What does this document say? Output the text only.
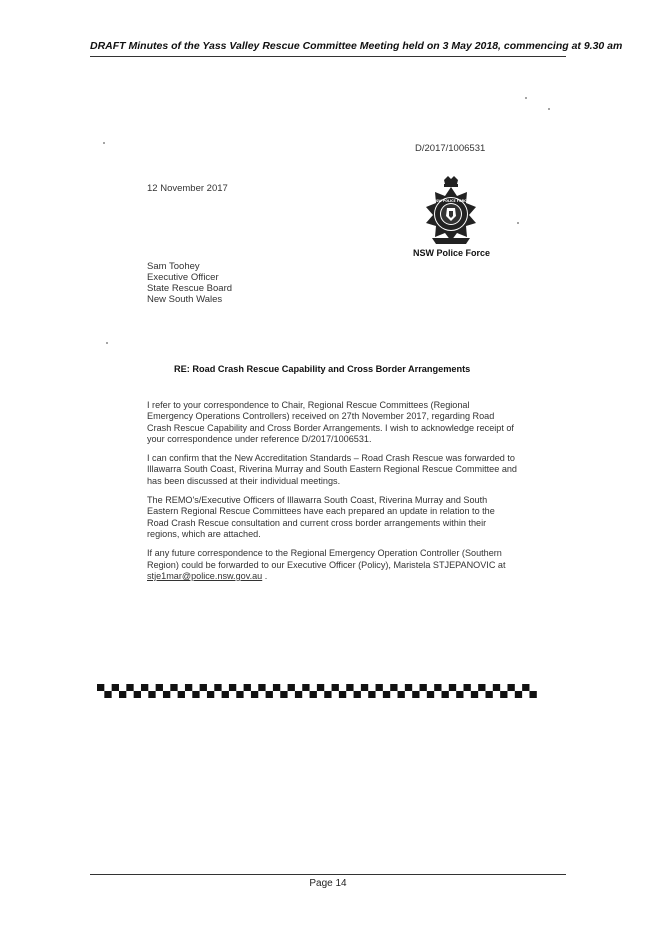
DRAFT Minutes of the Yass Valley Rescue Committee Meeting held on 3 May 2018, commencing at 9.30 am
D/2017/1006531
12 November 2017
NSW POLICE FORCE
NSW Police Force
Sam Toohey
Executive Officer
State Rescue Board
New South Wales
RE: Road Crash Rescue Capability and Cross Border Arrangements

I refer to your correspondence to Chair, Regional Rescue Committees (Regional Emergency Operations Controllers) received on 27th November 2017, regarding Road Crash Rescue Capability and Cross Border Arrangements. I wish to acknowledge receipt of your correspondence under reference D/2017/1006531.

I can confirm that the New Accreditation Standards – Road Crash Rescue was forwarded to Illawarra South Coast, Riverina Murray and South Eastern Regional Rescue Committee and has been discussed at their individual meetings.

The REMO's/Executive Officers of Illawarra South Coast, Riverina Murray and South Eastern Regional Rescue Committees have each prepared an update in relation to the Road Crash Rescue consultation and current cross border arrangements within their regions, which are attached.

If any future correspondence to the Regional Emergency Operation Controller (Southern Region) could be forwarded to our Executive Officer (Policy), Maristela STJEPANOVIC at stje1mar@police.nsw.gov.au .

Page 14
